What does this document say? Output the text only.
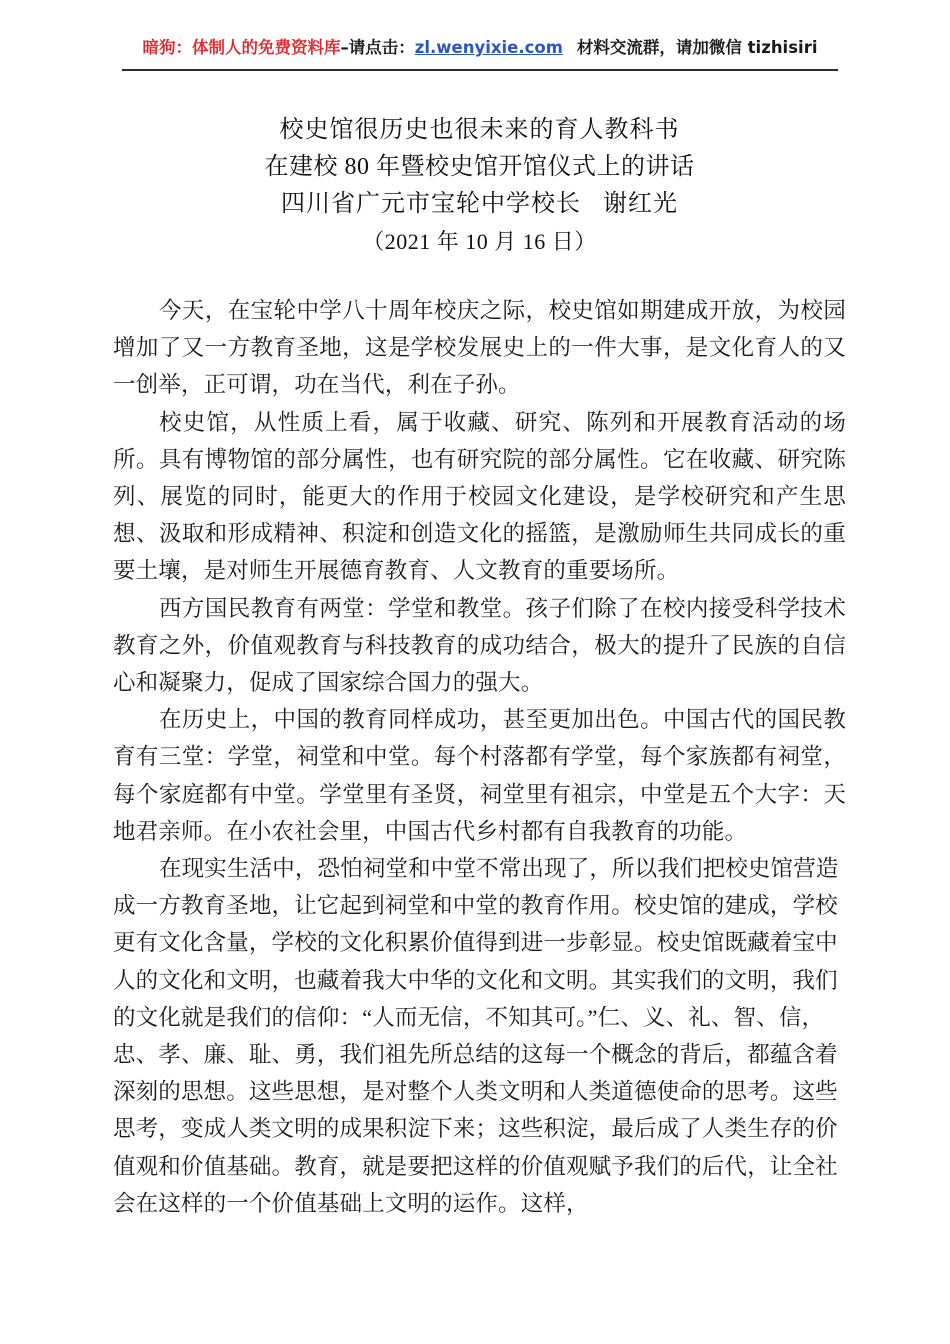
暗狗：体制人的免费资料库–请点击：zl.wenyixie.com 材料交流群，请加微信 tizhisiri
校史馆很历史也很未来的育人教科书
在建校 80 年暨校史馆开馆仪式上的讲话
四川省广元市宝轮中学校长 谢红光
（2021 年 10 月 16 日）

今天，在宝轮中学八十周年校庆之际，校史馆如期建成开放，为校园增加了又一方教育圣地，这是学校发展史上的一件大事，是文化育人的又一创举，正可谓，功在当代，利在子孙。

校史馆，从性质上看，属于收藏、研究、陈列和开展教育活动的场所。具有博物馆的部分属性，也有研究院的部分属性。它在收藏、研究陈列、展览的同时，能更大的作用于校园文化建设，是学校研究和产生思想、汲取和形成精神、积淀和创造文化的摇篮，是激励师生共同成长的重要土壤，是对师生开展德育教育、人文教育的重要场所。

西方国民教育有两堂：学堂和教堂。孩子们除了在校内接受科学技术教育之外，价值观教育与科技教育的成功结合，极大的提升了民族的自信心和凝聚力，促成了国家综合国力的强大。

在历史上，中国的教育同样成功，甚至更加出色。中国古代的国民教育有三堂：学堂，祠堂和中堂。每个村落都有学堂，每个家族都有祠堂，每个家庭都有中堂。学堂里有圣贤，祠堂里有祖宗，中堂是五个大字：天地君亲师。在小农社会里，中国古代乡村都有自我教育的功能。

在现实生活中，恐怕祠堂和中堂不常出现了，所以我们把校史馆营造成一方教育圣地，让它起到祠堂和中堂的教育作用。校史馆的建成，学校更有文化含量，学校的文化积累价值得到进一步彰显。校史馆既藏着宝中人的文化和文明，也藏着我大中华的文化和文明。其实我们的文明，我们的文化就是我们的信仰：“人而无信，不知其可。”仁、义、礼、智、信，忠、孝、廉、耻、勇，我们祖先所总结的这每一个概念的背后，都蕴含着深刻的思想。这些思想，是对整个人类文明和人类道德使命的思考。这些思考，变成人类文明的成果积淀下来；这些积淀，最后成了人类生存的价值观和价值基础。教育，就是要把这样的价值观赋予我们的后代，让全社会在这样的一个价值基础上文明的运作。这样，
